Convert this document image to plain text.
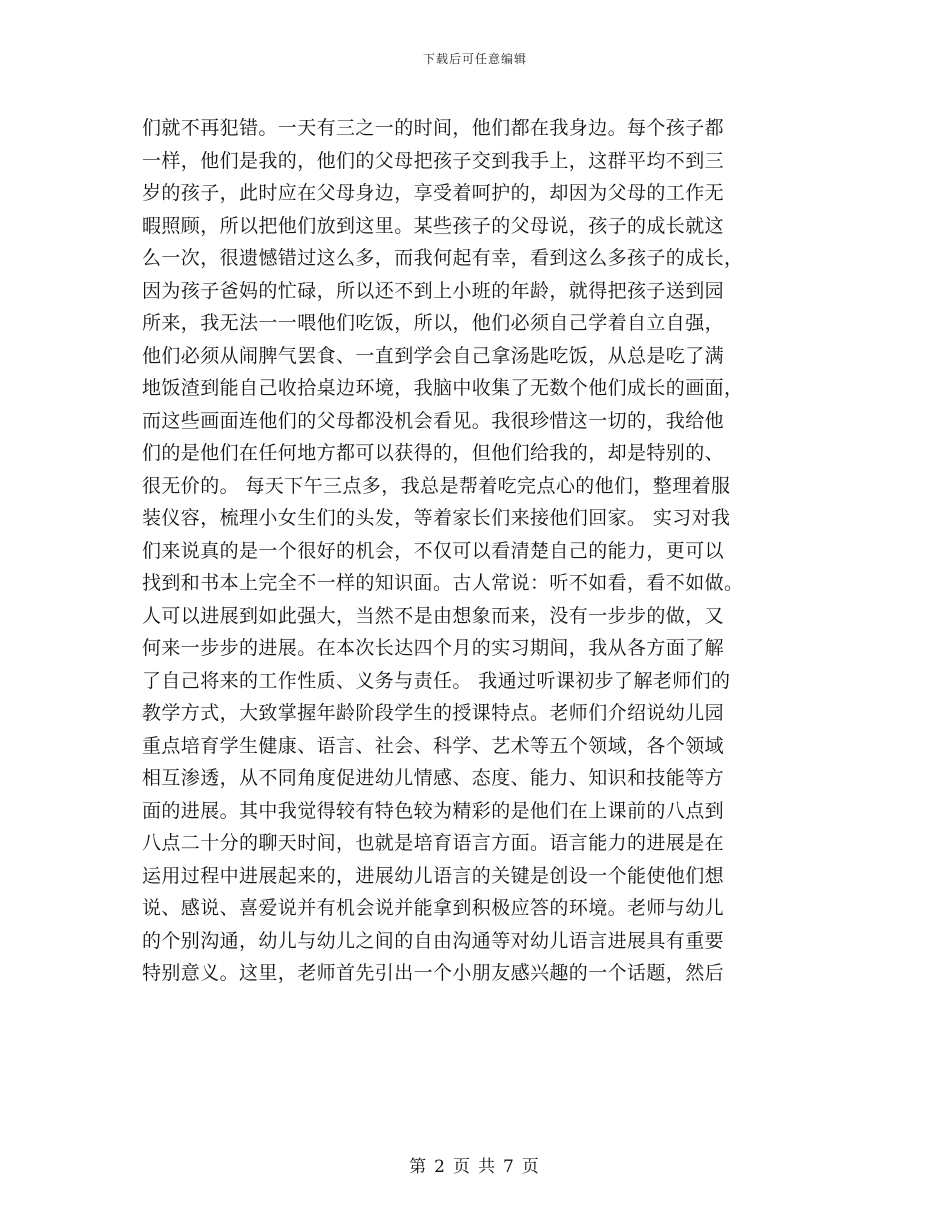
下载后可任意编辑
们就不再犯错。一天有三之一的时间，他们都在我身边。每个孩子都
一样，他们是我的，他们的父母把孩子交到我手上，这群平均不到三
岁的孩子，此时应在父母身边，享受着呵护的，却因为父母的工作无
暇照顾，所以把他们放到这里。某些孩子的父母说，孩子的成长就这
么一次，很遗憾错过这么多，而我何起有幸，看到这么多孩子的成长，
因为孩子爸妈的忙碌，所以还不到上小班的年龄，就得把孩子送到园
所来，我无法一一喂他们吃饭，所以，他们必须自己学着自立自强，
他们必须从闹脾气罢食、一直到学会自己拿汤匙吃饭，从总是吃了满
地饭渣到能自己收拾桌边环境，我脑中收集了无数个他们成长的画面，
而这些画面连他们的父母都没机会看见。我很珍惜这一切的，我给他
们的是他们在任何地方都可以获得的，但他们给我的，却是特别的、
很无价的。 每天下午三点多，我总是帮着吃完点心的他们，整理着服
装仪容，梳理小女生们的头发，等着家长们来接他们回家。 实习对我
们来说真的是一个很好的机会，不仅可以看清楚自己的能力，更可以
找到和书本上完全不一样的知识面。古人常说：听不如看，看不如做。
人可以进展到如此强大，当然不是由想象而来，没有一步步的做，又
何来一步步的进展。在本次长达四个月的实习期间，我从各方面了解
了自己将来的工作性质、义务与责任。 我通过听课初步了解老师们的
教学方式，大致掌握年龄阶段学生的授课特点。老师们介绍说幼儿园
重点培育学生健康、语言、社会、科学、艺术等五个领域，各个领域
相互渗透，从不同角度促进幼儿情感、态度、能力、知识和技能等方
面的进展。其中我觉得较有特色较为精彩的是他们在上课前的八点到
八点二十分的聊天时间，也就是培育语言方面。语言能力的进展是在
运用过程中进展起来的，进展幼儿语言的关键是创设一个能使他们想
说、感说、喜爱说并有机会说并能拿到积极应答的环境。老师与幼儿
的个别沟通，幼儿与幼儿之间的自由沟通等对幼儿语言进展具有重要
特别意义。这里，老师首先引出一个小朋友感兴趣的一个话题，然后
第 2 页 共 7 页
